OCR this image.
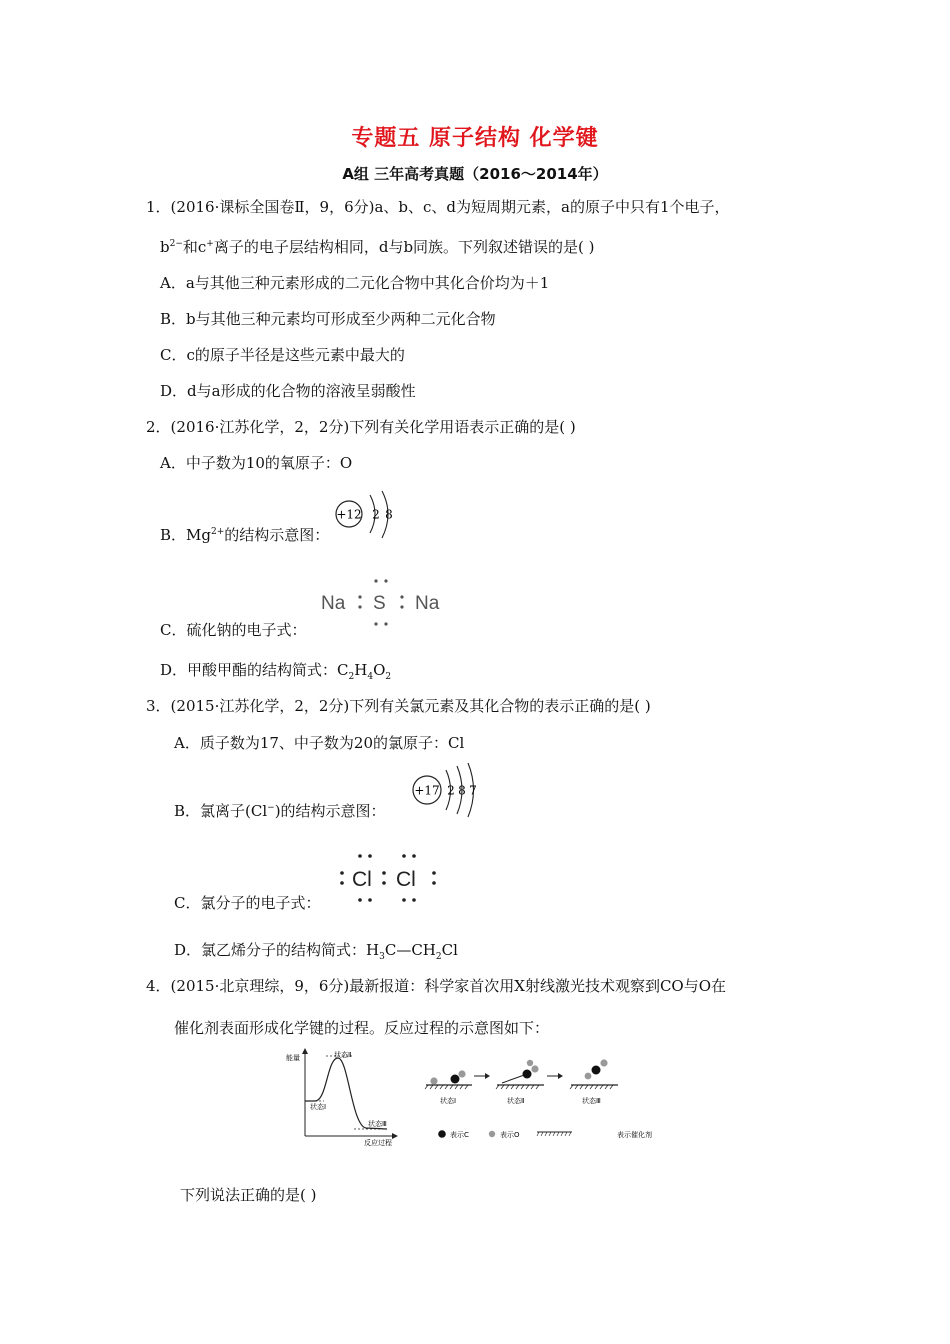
专题五 原子结构 化学键
A组 三年高考真题（2016～2014年）
1．(2016·课标全国卷Ⅱ，9，6分)a、b、c、d为短周期元素，a的原子中只有1个电子，
$b^{2-}$和c+离子的电子层结构相同，d与b同族。下列叙述错误的是( )
A．a与其他三种元素形成的二元化合物中其化合价均为＋1
B．b与其他三种元素均可形成至少两种二元化合物
C．c的原子半径是这些元素中最大的
D．d与a形成的化合物的溶液呈弱酸性
2．(2016·江苏化学，2，2分)下列有关化学用语表示正确的是( )
A．中子数为10的氧原子：O
B．$Mg^{2+}$的结构示意图：
+12 2 8
Na S Na
C．硫化钠的电子式：
D．甲酸甲酯的结构简式：$C_2H_4O_2$
3．(2015·江苏化学，2，2分)下列有关氯元素及其化合物的表示正确的是( )
A．质子数为17、中子数为20的氯原子：Cl
B．氯离子(Cl−)的结构示意图：
+17 2 8 7
Cl Cl
C．氯分子的电子式：
D．氯乙烯分子的结构简式：$H_3C—CH_2Cl$
4．(2015·北京理综，9，6分)最新报道：科学家首次用X射线激光技术观察到CO与O在
催化剂表面形成化学键的过程。反应过程的示意图如下：
能量
反应过程
状态Ⅱ
状态Ⅰ
状态Ⅲ
状态Ⅰ	状态Ⅱ	状态Ⅲ
表示C	表示O	表示催化剂
下列说法正确的是( )
